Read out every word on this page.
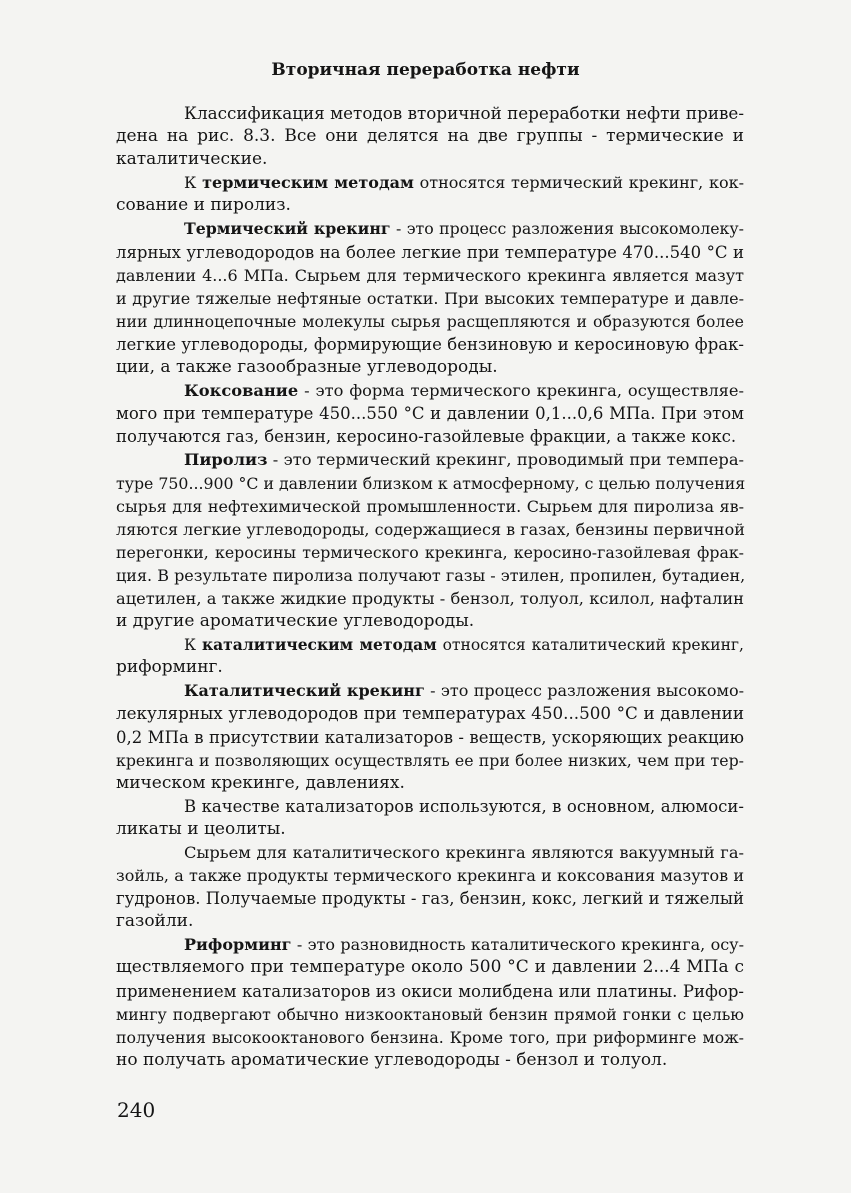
Вторичная переработка нефти
Классификация методов вторичной переработки нефти приве-
дена на рис. 8.3. Все они делятся на две группы - термические и
каталитические.
К термическим методам относятся термический крекинг, кок-
сование и пиролиз.
Термический крекинг - это процесс разложения высокомолеку-
лярных углеводородов на более легкие при температуре 470...540 °С и
давлении 4...6 МПа. Сырьем для термического крекинга является мазут
и другие тяжелые нефтяные остатки. При высоких температуре и давле-
нии длинноцепочные молекулы сырья расщепляются и образуются более
легкие углеводороды, формирующие бензиновую и керосиновую фрак-
ции, а также газообразные углеводороды.
Коксование - это форма термического крекинга, осуществляе-
мого при температуре 450...550 °С и давлении 0,1...0,6 МПа. При этом
получаются газ, бензин, керосино-газойлевые фракции, а также кокс.
Пиролиз - это термический крекинг, проводимый при темпера-
туре 750...900 °С и давлении близком к атмосферному, с целью получения
сырья для нефтехимической промышленности. Сырьем для пиролиза яв-
ляются легкие углеводороды, содержащиеся в газах, бензины первичной
перегонки, керосины термического крекинга, керосино-газойлевая фрак-
ция. В результате пиролиза получают газы - этилен, пропилен, бутадиен,
ацетилен, а также жидкие продукты - бензол, толуол, ксилол, нафталин
и другие ароматические углеводороды.
К каталитическим методам относятся каталитический крекинг,
риформинг.
Каталитический крекинг - это процесс разложения высокомо-
лекулярных углеводородов при температурах 450...500 °С и давлении
0,2 МПа в присутствии катализаторов - веществ, ускоряющих реакцию
крекинга и позволяющих осуществлять ее при более низких, чем при тер-
мическом крекинге, давлениях.
В качестве катализаторов используются, в основном, алюмоси-
ликаты и цеолиты.
Сырьем для каталитического крекинга являются вакуумный га-
зойль, а также продукты термического крекинга и коксования мазутов и
гудронов. Получаемые продукты - газ, бензин, кокс, легкий и тяжелый
газойли.
Риформинг - это разновидность каталитического крекинга, осу-
ществляемого при температуре около 500 °С и давлении 2...4 МПа с
применением катализаторов из окиси молибдена или платины. Рифор-
мингу подвергают обычно низкооктановый бензин прямой гонки с целью
получения высокооктанового бензина. Кроме того, при риформинге мож-
но получать ароматические углеводороды - бензол и толуол.
240
